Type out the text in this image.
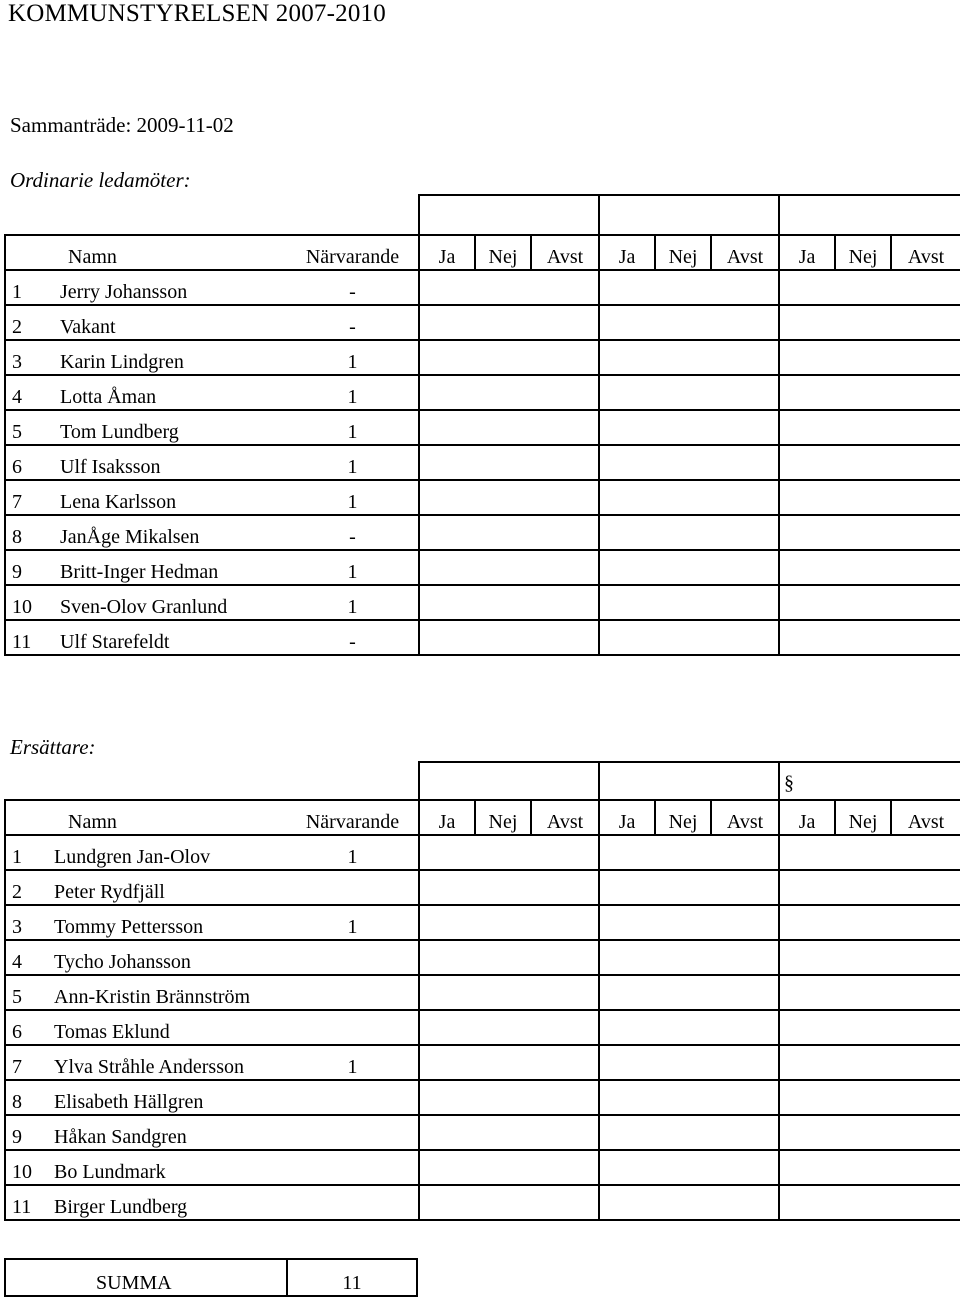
KOMMUNSTYRELSEN 2007-2010
Sammanträde: 2009-11-02
Ordinarie ledamöter:

Namn	Närvarande	Ja	Nej	Avst	Ja	Nej	Avst	Ja	Nej	Avst
1 Jerry Johansson	-									
2 Vakant	-									
3 Karin Lindgren	1									
4 Lotta Åman	1									
5 Tom Lundberg	1									
6 Ulf Isaksson	1									
7 Lena Karlsson	1									
8 JanÅge Mikalsen	-									
9 Britt-Inger Hedman	1									
10 Sven-Olov Granlund	1									
11 Ulf Starefeldt	-									
Ersättare:
§

Namn	Närvarande	Ja	Nej	Avst	Ja	Nej	Avst	Ja	Nej	Avst
1 Lundgren Jan-Olov	1									
2 Peter Rydfjäll										
3 Tommy Pettersson	1									
4 Tycho Johansson										
5 Ann-Kristin Brännström										
6 Tomas Eklund										
7 Ylva Stråhle Andersson	1									
8 Elisabeth Hällgren										
9 Håkan Sandgren										
10 Bo Lundmark										
11 Birger Lundberg										
SUMMA	11
